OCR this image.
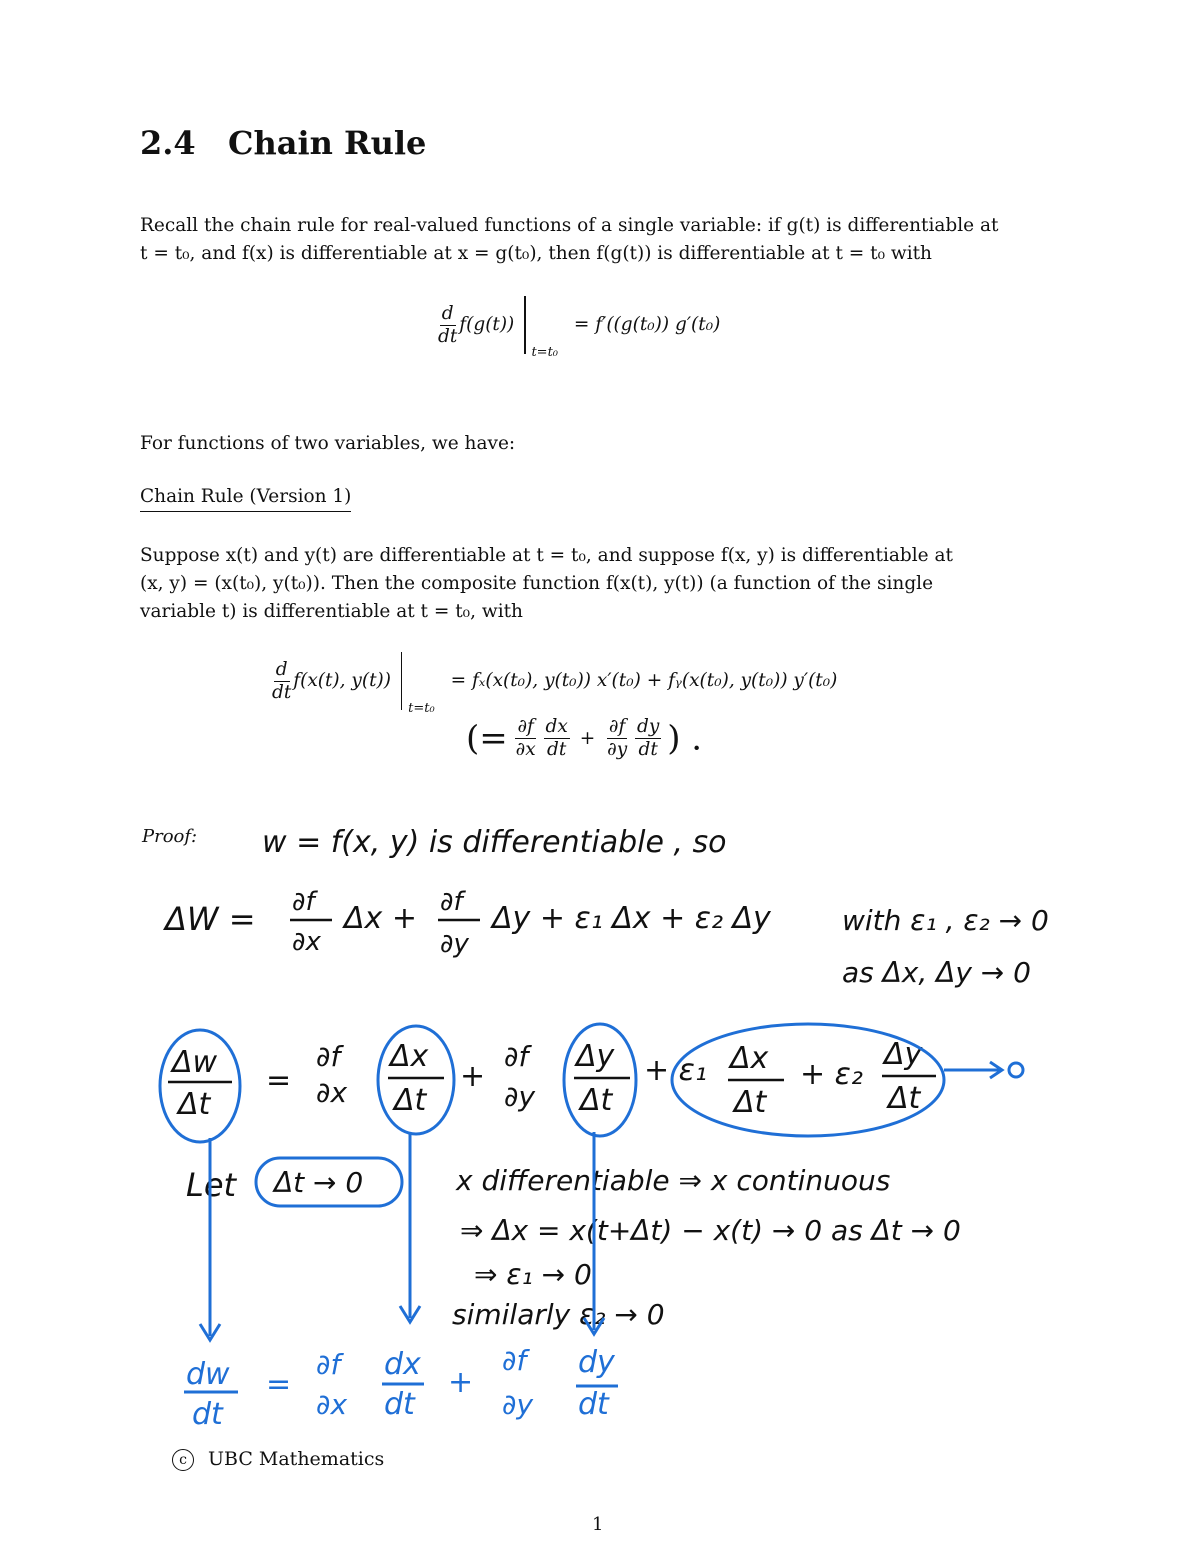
2.4 Chain Rule
Recall the chain rule for real-valued functions of a single variable: if g(t) is differentiable at
t = t₀, and f(x) is differentiable at x = g(t₀), then f(g(t)) is differentiable at t = t₀ with
$\frac{d}{dt} f(g(t)) _{t=t_0} = f'((g(t_0))$ g′(t₀)
For functions of two variables, we have:
Chain Rule (Version 1)
Suppose x(t) and y(t) are differentiable at t = t₀, and suppose f(x, y) is differentiable at
(x, y) = (x(t₀), y(t₀)). Then the composite function f(x(t), y(t)) (a function of the single
variable t) is differentiable at t = t₀, with
$\frac{d}{dt} f(x(t)$, y(t))  $_{t=t_0}$ = fₓ(x(t₀), y(t₀)) x′(t₀) + fᵧ(x(t₀), y(t₀)) y′(t₀)
(= $\frac{\partial f}{\partial x}$
$\frac{dx}{dt} + \frac{\partial f}{\partial y}$
$\frac{dy}{dt}$ ) .
Proof: w = f(x, y) is differentiable , so
ΔW = ∂f
∂x
Δx + ∂f
∂y
Δy + ε₁ Δx + ε₂ Δy	with ε₁ , ε₂ → 0
as Δx, Δy → 0
Δw
Δt
=
∂f
∂x
Δx
Δt
+
∂f
∂y
Δy
Δt
+ ε₁ Δx
Δt
+ ε₂
Δy
Δt
Let Δt → 0	x differentiable ⇒ x continuous
⇒ Δx = x(t+Δt) − x(t) → 0 as Δt → 0
⇒ ε₁ → 0
similarly ε₂ → 0
dw
dt
=
∂f
∂x
dx
dt
+
∂f
∂y
dy
dt
c UBC Mathematics
1
